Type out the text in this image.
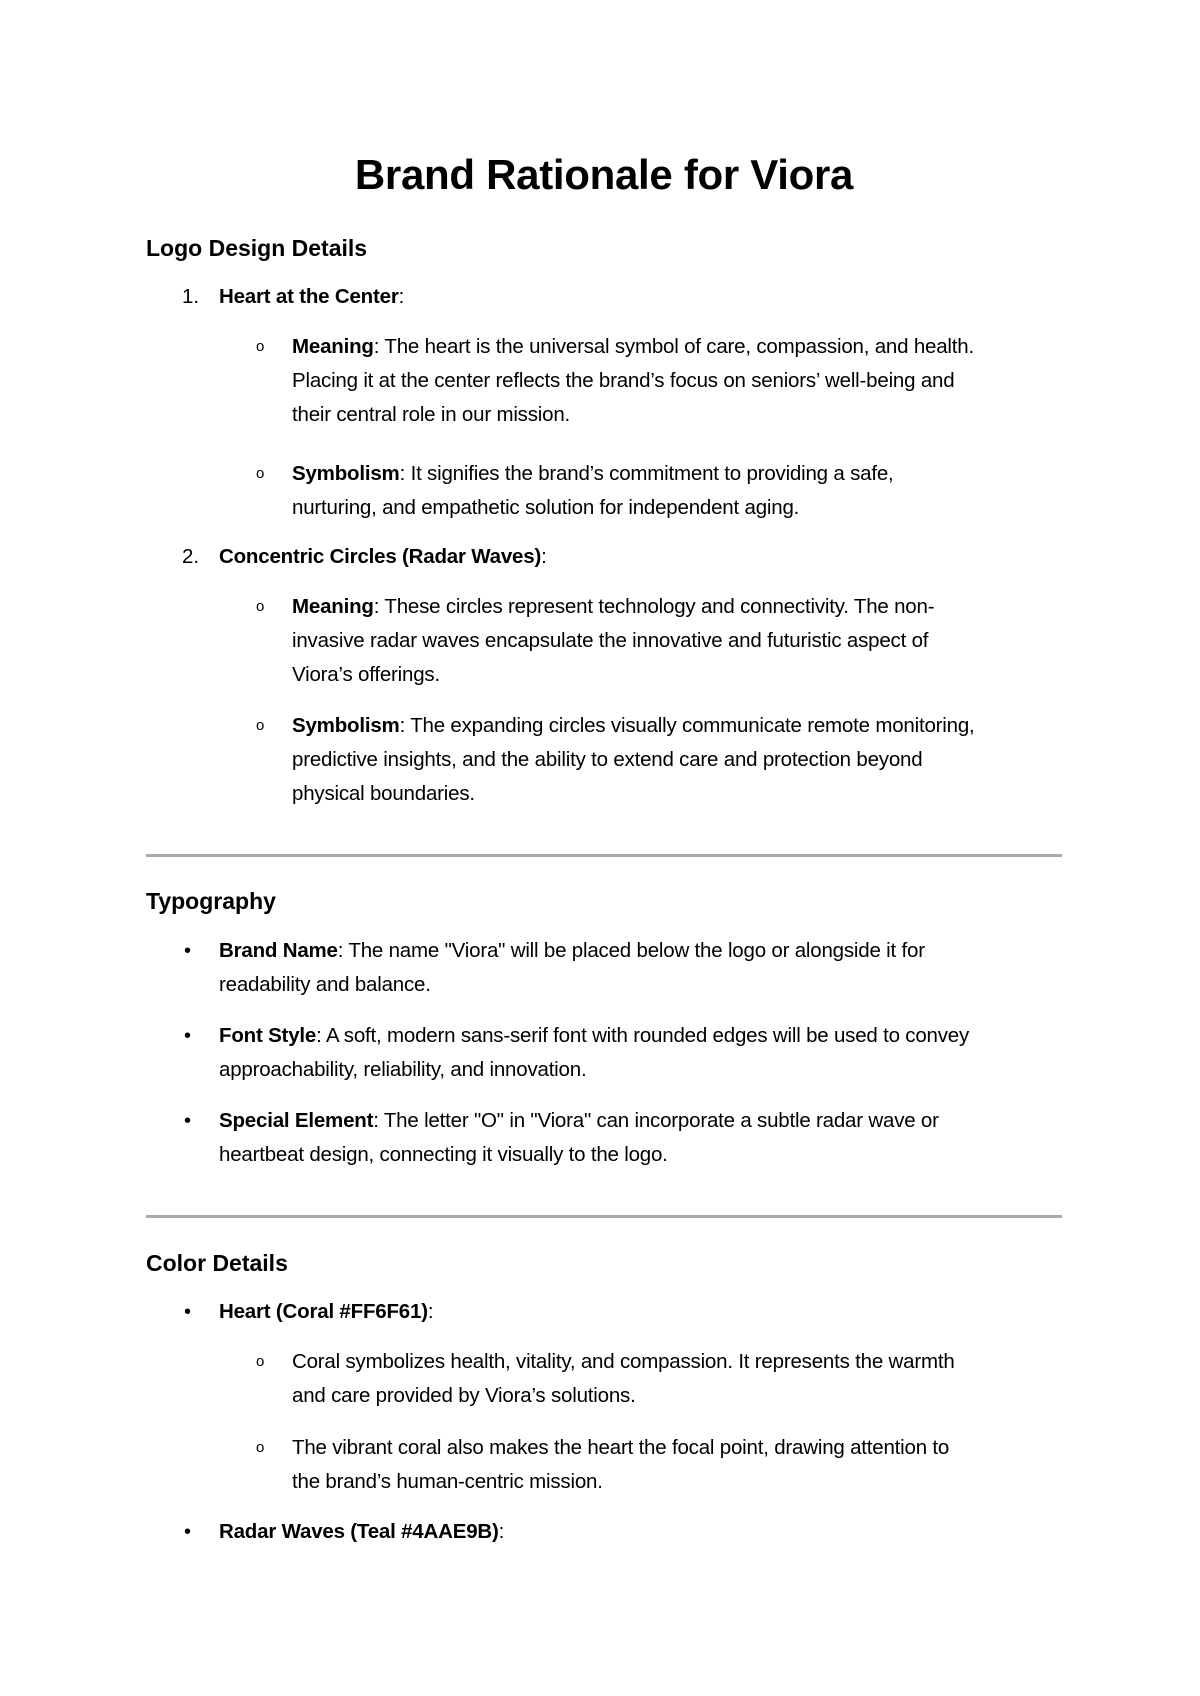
Brand Rationale for Viora
Logo Design Details
1. Heart at the Center:
o Meaning: The heart is the universal symbol of care, compassion, and health.
Placing it at the center reflects the brand’s focus on seniors’ well-being and
their central role in our mission.
o Symbolism: It signifies the brand’s commitment to providing a safe,
nurturing, and empathetic solution for independent aging.
2. Concentric Circles (Radar Waves):
o Meaning: These circles represent technology and connectivity. The non-
invasive radar waves encapsulate the innovative and futuristic aspect of
Viora’s offerings.
o Symbolism: The expanding circles visually communicate remote monitoring,
predictive insights, and the ability to extend care and protection beyond
physical boundaries.
Typography
• Brand Name: The name "Viora" will be placed below the logo or alongside it for
readability and balance.
• Font Style: A soft, modern sans-serif font with rounded edges will be used to convey
approachability, reliability, and innovation.
• Special Element: The letter "O" in "Viora" can incorporate a subtle radar wave or
heartbeat design, connecting it visually to the logo.
Color Details
• Heart (Coral #FF6F61):
o Coral symbolizes health, vitality, and compassion. It represents the warmth
and care provided by Viora’s solutions.
o The vibrant coral also makes the heart the focal point, drawing attention to
the brand’s human-centric mission.
• Radar Waves (Teal #4AAE9B):
